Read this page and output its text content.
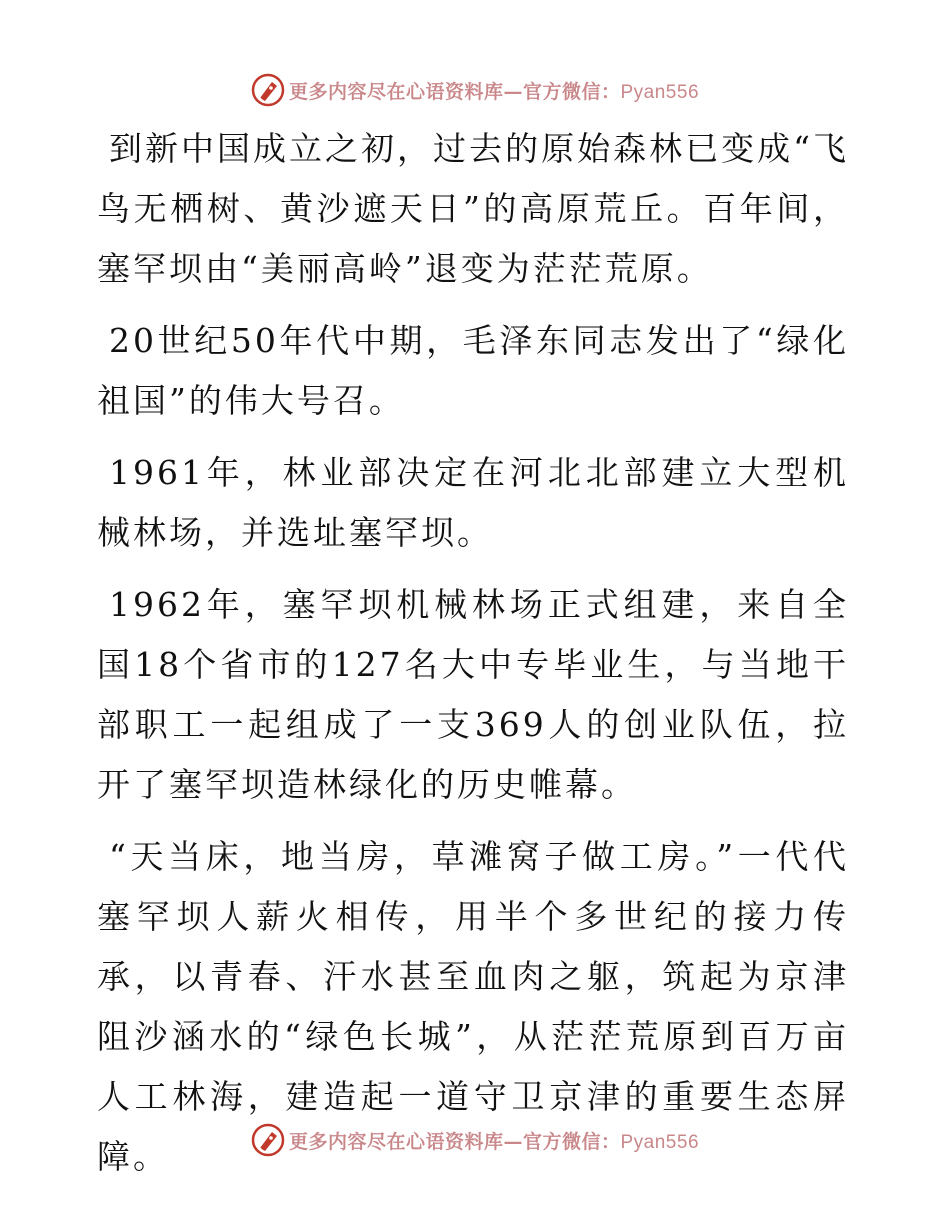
更多内容尽在心语资料库—官方微信：Pyan556

到新中国成立之初，过去的原始森林已变成“飞鸟无栖树、黄沙遮天日”的高原荒丘。百年间，塞罕坝由“美丽高岭”退变为茫茫荒原。

20世纪50年代中期，毛泽东同志发出了“绿化祖国”的伟大号召。

1961年，林业部决定在河北北部建立大型机械林场，并选址塞罕坝。

1962年，塞罕坝机械林场正式组建，来自全国18个省市的127名大中专毕业生，与当地干部职工一起组成了一支369人的创业队伍，拉开了塞罕坝造林绿化的历史帷幕。

“天当床，地当房，草滩窝子做工房。”一代代塞罕坝人薪火相传，用半个多世纪的接力传承，以青春、汗水甚至血肉之躯，筑起为京津阻沙涵水的“绿色长城”，从茫茫荒原到百万亩人工林海，建造起一道守卫京津的重要生态屏障。	更多内容尽在心语资料库—官方微信：Pyan556
